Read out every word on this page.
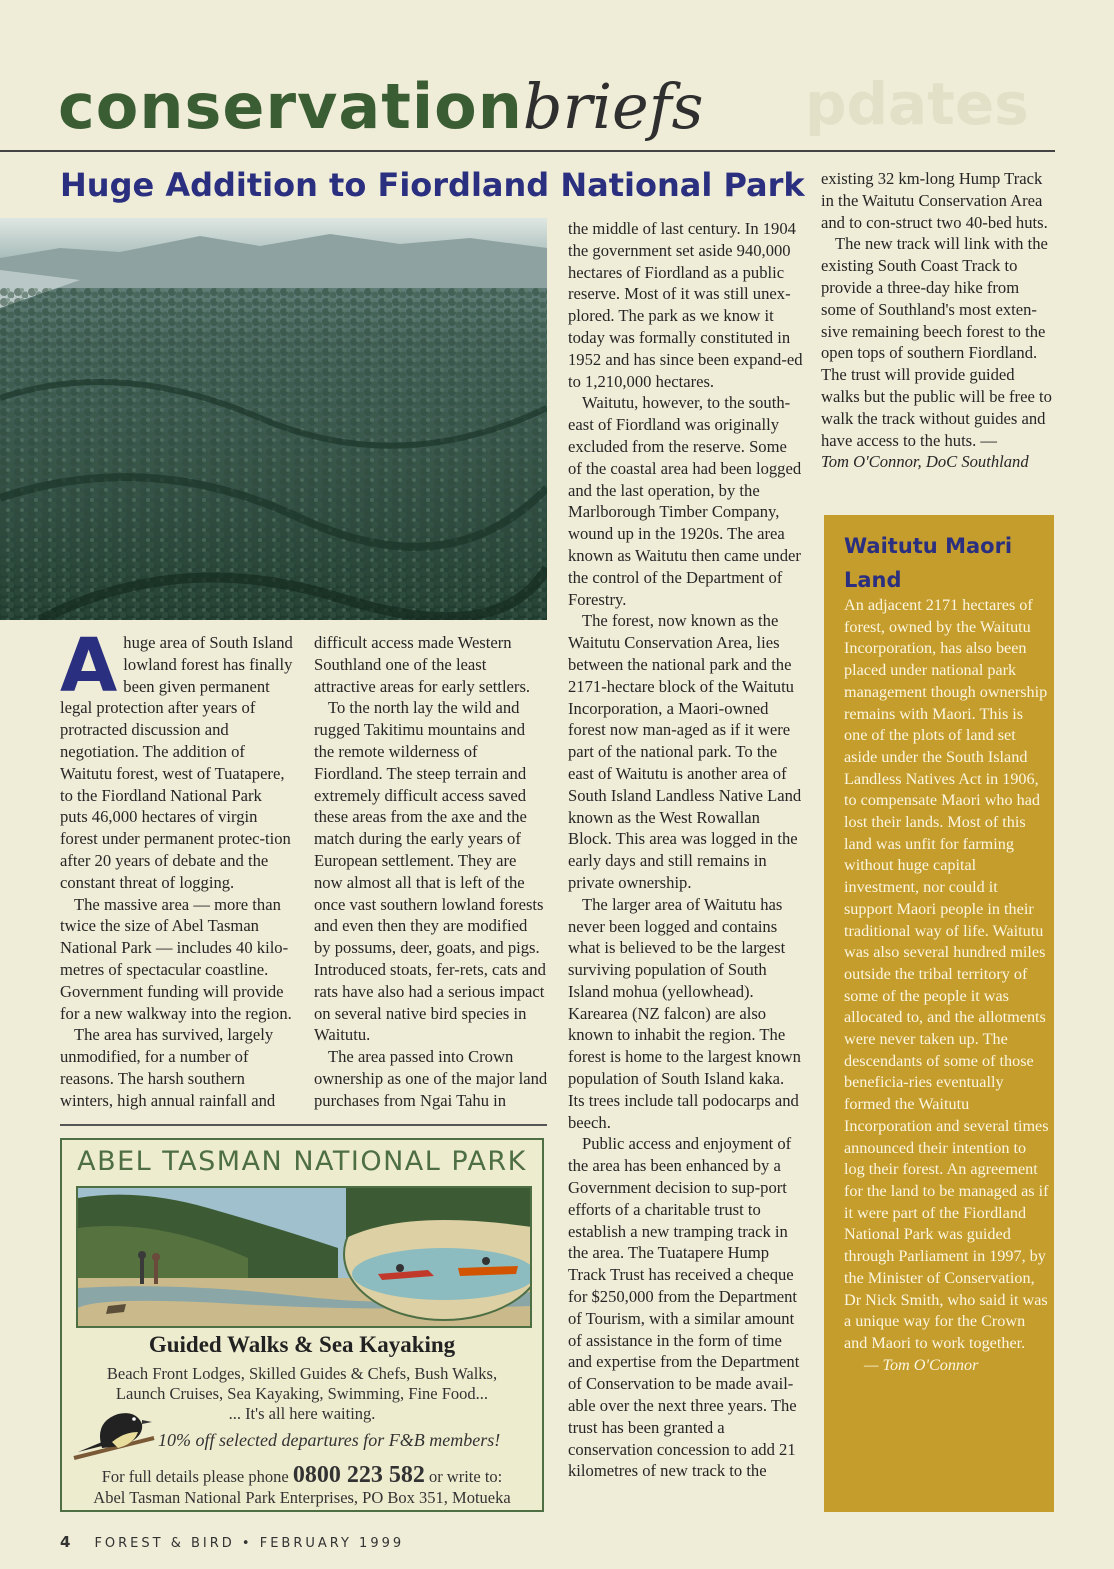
conservationbriefs pdates
Huge Addition to Fiordland National Park

A huge area of South Island lowland forest has finally been given permanent legal protection after years of protracted discussion and negotiation. The addition of Waitutu forest, west of Tuatapere, to the Fiordland National Park puts 46,000 hectares of virgin forest under permanent protec-tion after 20 years of debate and the constant threat of logging.

The massive area — more than twice the size of Abel Tasman National Park — includes 40 kilo-metres of spectacular coastline. Government funding will provide for a new walkway into the region.

The area has survived, largely unmodified, for a number of reasons. The harsh southern winters, high annual rainfall and

difficult access made Western Southland one of the least attractive areas for early settlers.

To the north lay the wild and rugged Takitimu mountains and the remote wilderness of Fiordland. The steep terrain and extremely difficult access saved these areas from the axe and the match during the early years of European settlement. They are now almost all that is left of the once vast southern lowland forests and even then they are modified by possums, deer, goats, and pigs. Introduced stoats, fer-rets, cats and rats have also had a serious impact on several native bird species in Waitutu.

The area passed into Crown ownership as one of the major land purchases from Ngai Tahu in

the middle of last century. In 1904 the government set aside 940,000 hectares of Fiordland as a public reserve. Most of it was still unex-plored. The park as we know it today was formally constituted in 1952 and has since been expand-ed to 1,210,000 hectares.

Waitutu, however, to the south-east of Fiordland was originally excluded from the reserve. Some of the coastal area had been logged and the last operation, by the Marlborough Timber Company, wound up in the 1920s. The area known as Waitutu then came under the control of the Department of Forestry.

The forest, now known as the Waitutu Conservation Area, lies between the national park and the 2171-hectare block of the Waitutu Incorporation, a Maori-owned forest now man-aged as if it were part of the national park. To the east of Waitutu is another area of South Island Landless Native Land known as the West Rowallan Block. This area was logged in the early days and still remains in private ownership.

The larger area of Waitutu has never been logged and contains what is believed to be the largest surviving population of South Island mohua (yellowhead). Karearea (NZ falcon) are also known to inhabit the region. The forest is home to the largest known population of South Island kaka. Its trees include tall podocarps and beech.

Public access and enjoyment of the area has been enhanced by a Government decision to sup-port efforts of a charitable trust to establish a new tramping track in the area. The Tuatapere Hump Track Trust has received a cheque for $250,000 from the Department of Tourism, with a similar amount of assistance in the form of time and expertise from the Department of Conservation to be made avail-able over the next three years. The trust has been granted a conservation concession to add 21 kilometres of new track to the

existing 32 km-long Hump Track in the Waitutu Conservation Area and to con-struct two 40-bed huts.

The new track will link with the existing South Coast Track to provide a three-day hike from some of Southland's most exten-sive remaining beech forest to the open tops of southern Fiordland. The trust will provide guided walks but the public will be free to walk the track without guides and have access to the huts. —

Tom O'Connor, DoC Southland

Waitutu Maori Land

An adjacent 2171 hectares of forest, owned by the Waitutu Incorporation, has also been placed under national park management though ownership remains with Maori. This is one of the plots of land set aside under the South Island Landless Natives Act in 1906, to compensate Maori who had lost their lands. Most of this land was unfit for farming without huge capital investment, nor could it support Maori people in their traditional way of life. Waitutu was also several hundred miles outside the tribal territory of some of the people it was allocated to, and the allotments were never taken up. The descendants of some of those beneficia-ries eventually formed the Waitutu Incorporation and several times announced their intention to log their forest. An agreement for the land to be managed as if it were part of the Fiordland National Park was guided through Parliament in 1997, by the Minister of Conservation, Dr Nick Smith, who said it was a unique way for the Crown and Maori to work together.

— Tom O'Connor

ABEL TASMAN NATIONAL PARK
Guided Walks & Sea Kayaking
Beach Front Lodges, Skilled Guides & Chefs, Bush Walks,
Launch Cruises, Sea Kayaking, Swimming, Fine Food...
... It's all here waiting.
10% off selected departures for F&B members!
For full details please phone 0800 223 582 or write to:
Abel Tasman National Park Enterprises, PO Box 351, Motueka
4 FOREST & BIRD • FEBRUARY 1999
